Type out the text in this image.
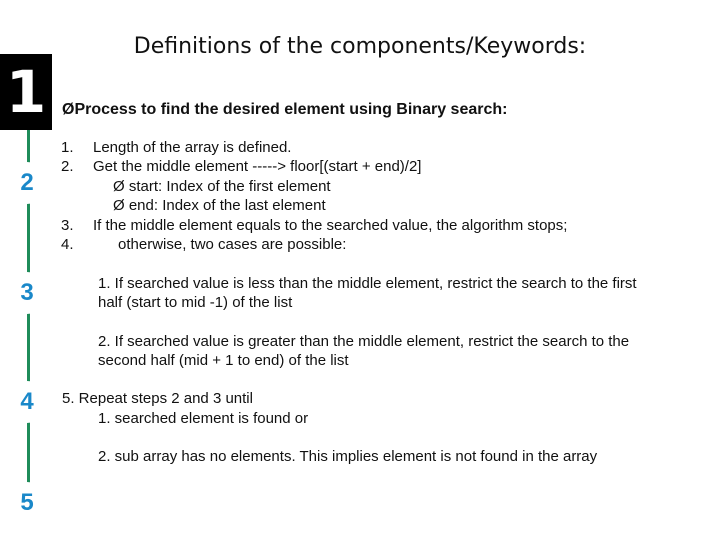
Definitions of the components/Keywords:
1
2
3
4
5
ØProcess to find the desired element using Binary search:
1. Length of the array is defined.
2. Get the middle element -----> floor[(start + end)/2]
Ø start: Index of the first element
Ø end: Index of the last element
3. If the middle element equals to the searched value, the algorithm stops;
4.	otherwise, two cases are possible:
1. If searched value is less than the middle element, restrict the search to the first
half (start to mid -1) of the list
2. If searched value is greater than the middle element, restrict the search to the
second half (mid + 1 to end) of the list
5. Repeat steps 2 and 3 until
1. searched element is found or
2. sub array has no elements. This implies element is not found in the array
